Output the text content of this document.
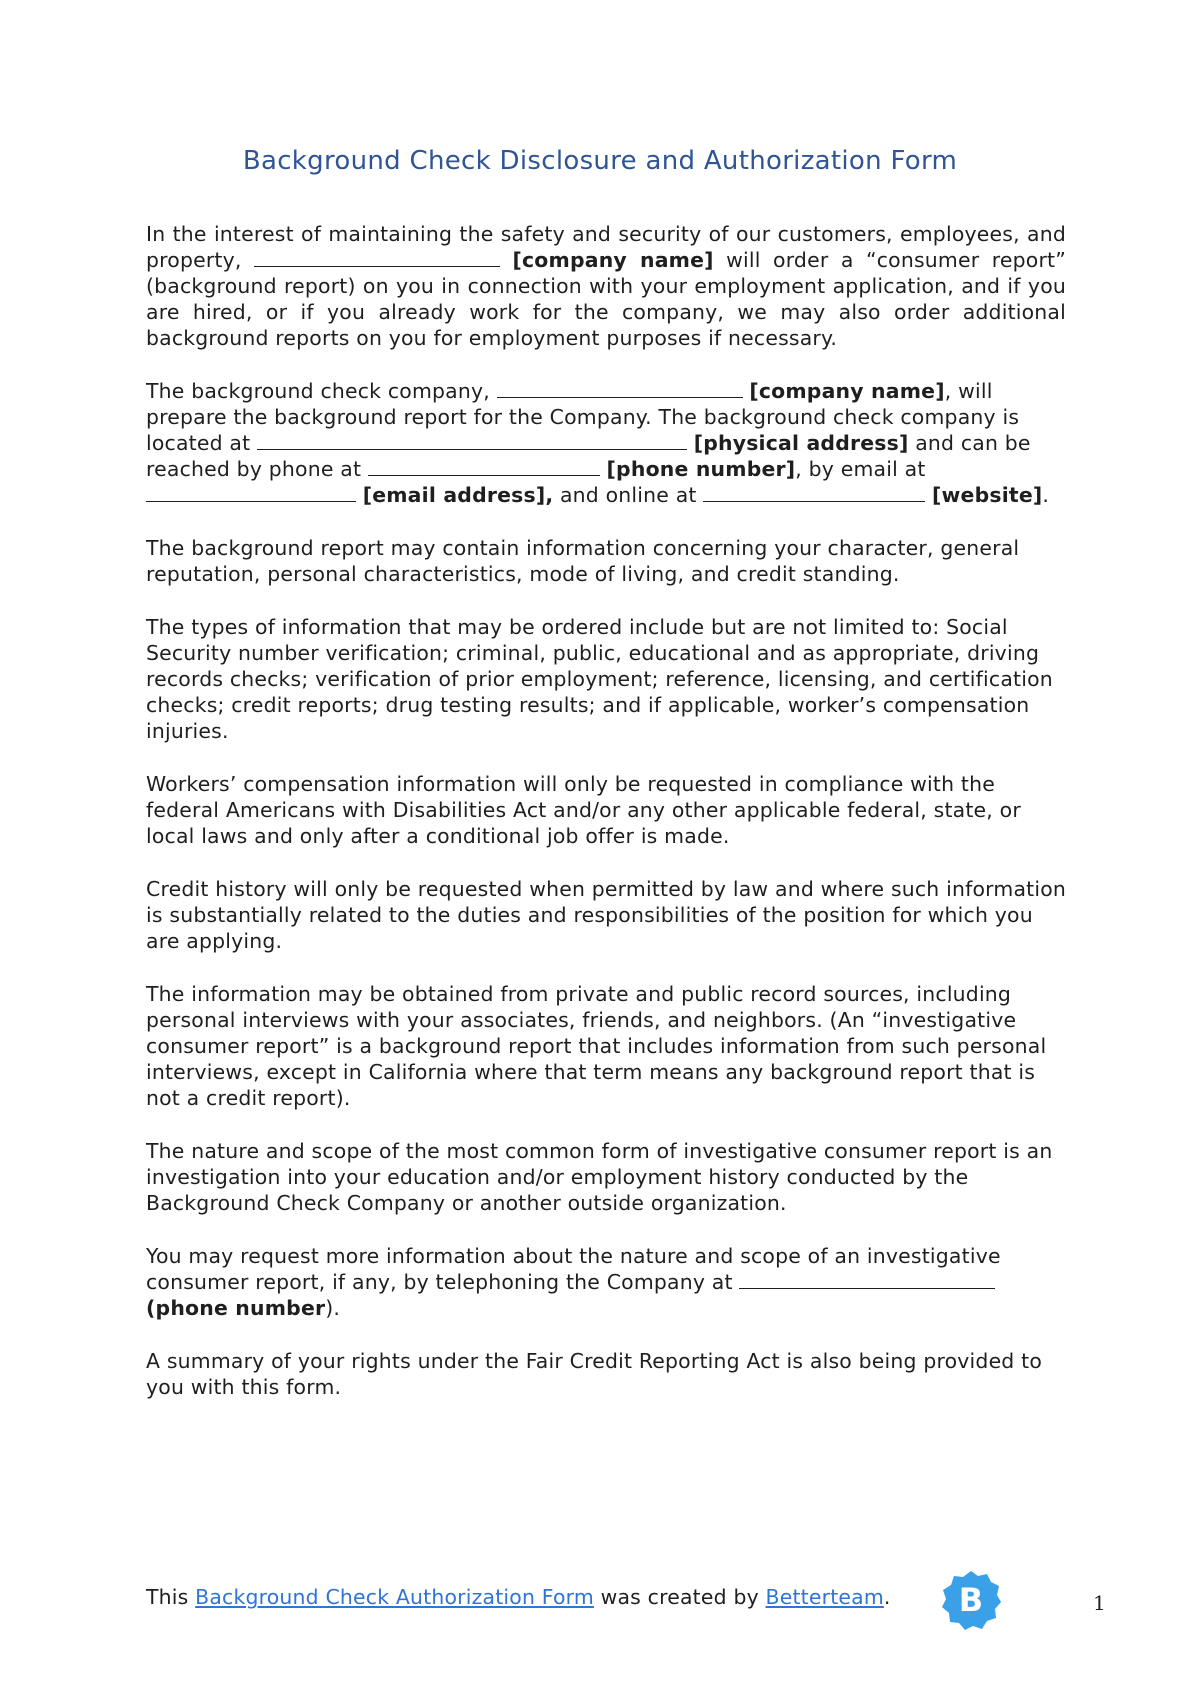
Background Check Disclosure and Authorization Form

In the interest of maintaining the safety and security of our customers, employees, and property,	[company name] will order a “consumer report” (background report) on you in connection with your employment application, and if you are hired, or if you already work for the company, we may also order additional background reports on you for employment purposes if necessary.

The background check company,	[company name], will prepare the background report for the Company. The background check company is located at	[physical address] and can be reached by phone at	[phone number], by email at  [email address], and online at	[website].

The background report may contain information concerning your character, general reputation, personal characteristics, mode of living, and credit standing.

The types of information that may be ordered include but are not limited to: Social Security number verification; criminal, public, educational and as appropriate, driving records checks; verification of prior employment; reference, licensing, and certification checks; credit reports; drug testing results; and if applicable, worker’s compensation injuries.

Workers’ compensation information will only be requested in compliance with the federal Americans with Disabilities Act and/or any other applicable federal, state, or local laws and only after a conditional job offer is made.

Credit history will only be requested when permitted by law and where such information is substantially related to the duties and responsibilities of the position for which you are applying.

The information may be obtained from private and public record sources, including personal interviews with your associates, friends, and neighbors. (An “investigative consumer report” is a background report that includes information from such personal interviews, except in California where that term means any background report that is not a credit report).

The nature and scope of the most common form of investigative consumer report is an investigation into your education and/or employment history conducted by the Background Check Company or another outside organization.

You may request more information about the nature and scope of an investigative consumer report, if any, by telephoning the Company at  (phone number).

A summary of your rights under the Fair Credit Reporting Act is also being provided to you with this form.

This Background Check Authorization Form was created by Betterteam. B	1
